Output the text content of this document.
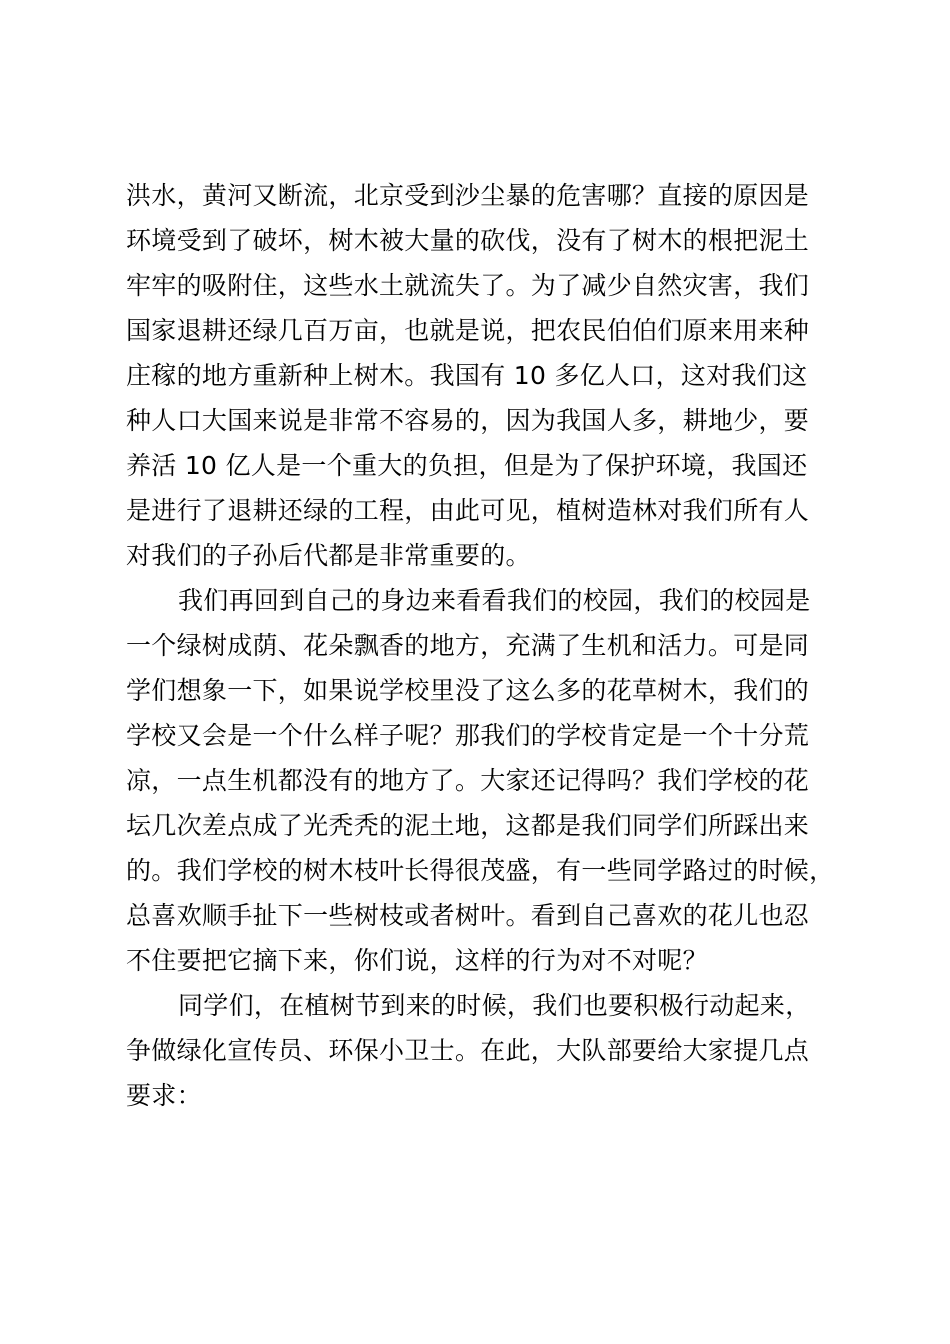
洪水，黄河又断流，北京受到沙尘暴的危害哪？直接的原因是
环境受到了破坏，树木被大量的砍伐，没有了树木的根把泥土
牢牢的吸附住，这些水土就流失了。为了减少自然灾害，我们
国家退耕还绿几百万亩，也就是说，把农民伯伯们原来用来种
庄稼的地方重新种上树木。我国有 10 多亿人口，这对我们这
种人口大国来说是非常不容易的，因为我国人多，耕地少，要
养活 10 亿人是一个重大的负担，但是为了保护环境，我国还
是进行了退耕还绿的工程，由此可见，植树造林对我们所有人
对我们的子孙后代都是非常重要的。
我们再回到自己的身边来看看我们的校园，我们的校园是
一个绿树成荫、花朵飘香的地方，充满了生机和活力。可是同
学们想象一下，如果说学校里没了这么多的花草树木，我们的
学校又会是一个什么样子呢？那我们的学校肯定是一个十分荒
凉，一点生机都没有的地方了。大家还记得吗？我们学校的花
坛几次差点成了光秃秃的泥土地，这都是我们同学们所踩出来
的。我们学校的树木枝叶长得很茂盛，有一些同学路过的时候，
总喜欢顺手扯下一些树枝或者树叶。看到自己喜欢的花儿也忍
不住要把它摘下来，你们说，这样的行为对不对呢？
同学们，在植树节到来的时候，我们也要积极行动起来，
争做绿化宣传员、环保小卫士。在此，大队部要给大家提几点
要求：
